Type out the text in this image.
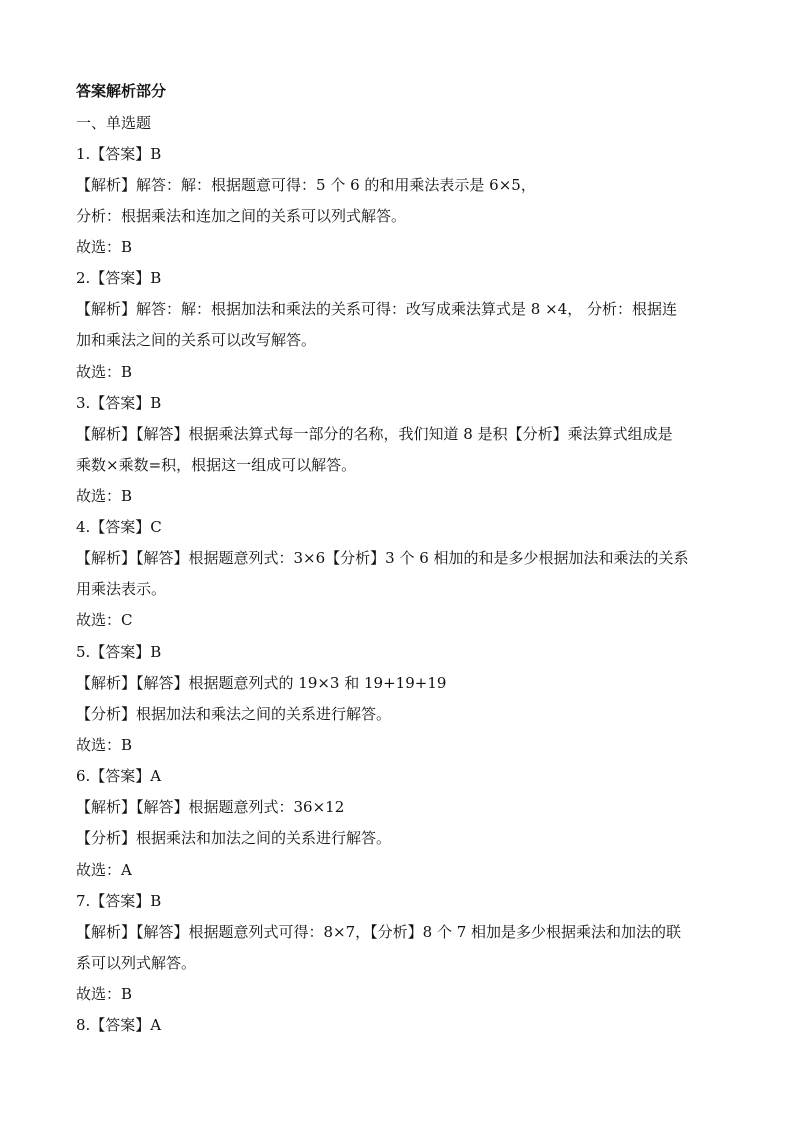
答案解析部分
一、单选题
1.【答案】B
【解析】解答：解：根据题意可得：5 个 6 的和用乘法表示是 6×5，
分析：根据乘法和连加之间的关系可以列式解答。
故选：B
2.【答案】B
【解析】解答：解：根据加法和乘法的关系可得：改写成乘法算式是 8 ×4， 分析：根据连
加和乘法之间的关系可以改写解答。
故选：B
3.【答案】B
【解析】【解答】根据乘法算式每一部分的名称，我们知道 8 是积【分析】乘法算式组成是
乘数×乘数=积，根据这一组成可以解答。
故选：B
4.【答案】C
【解析】【解答】根据题意列式：3×6【分析】3 个 6 相加的和是多少根据加法和乘法的关系
用乘法表示。
故选：C
5.【答案】B
【解析】【解答】根据题意列式的 19×3 和 19+19+19
【分析】根据加法和乘法之间的关系进行解答。
故选：B
6.【答案】A
【解析】【解答】根据题意列式：36×12
【分析】根据乘法和加法之间的关系进行解答。
故选：A
7.【答案】B
【解析】【解答】根据题意列式可得：8×7，【分析】8 个 7 相加是多少根据乘法和加法的联
系可以列式解答。
故选：B
8.【答案】A
